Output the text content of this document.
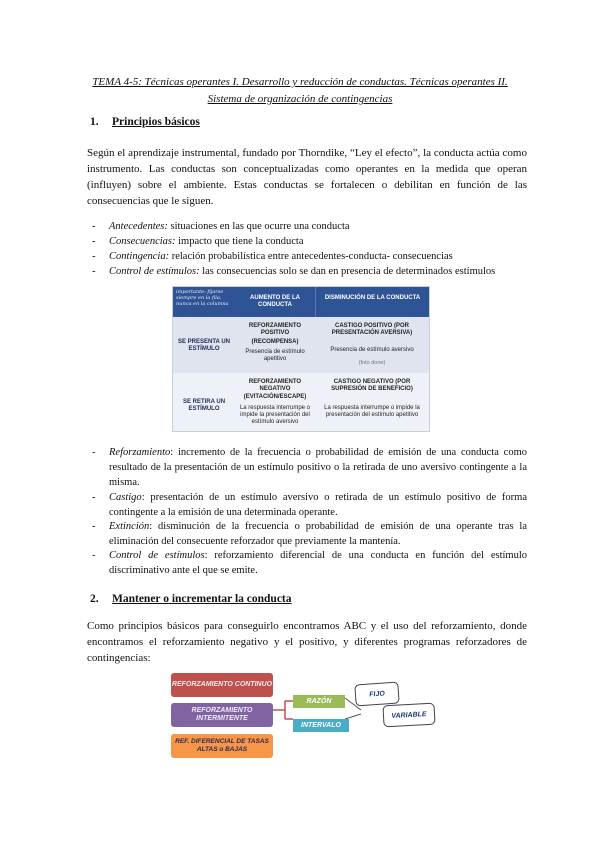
TEMA 4-5: Técnicas operantes I. Desarrollo y reducción de conductas. Técnicas operantes II.
Sistema de organización de contingencias
1. Principios básicos
Según el aprendizaje instrumental, fundado por Thorndike, “Ley el efecto”, la conducta actúa como instrumento. Las conductas son conceptualizadas como operantes en la medida que operan (influyen) sobre el ambiente. Estas conductas se fortalecen o debilitan en función de las consecuencias que le siguen.
- Antecedentes: situaciones en las que ocurre una conducta
- Consecuencias: impacto que tiene la conducta
- Contingencia: relación probabilística entre antecedentes-conducta- consecuencias
- Control de estímulos: las consecuencias solo se dan en presencia de determinados estímulos
importante: fijarse siempre en la fila, nunca en la columna
AUMENTO DE LA CONDUCTA
DISMINUCIÓN DE LA CONDUCTA
SE PRESENTA UN ESTÍMULO
SE RETIRA UN ESTÍMULO
REFORZAMIENTO POSITIVO
(RECOMPENSA)
Presencia de estímulo apetitivo
CASTIGO POSITIVO (POR PRESENTACIÓN AVERSIVA)
Presencia de estímulo aversivo
(foto done)
REFORZAMIENTO NEGATIVO
(EVITACIÓN/ESCAPE)
La respuesta interrumpe o impide la presentación del estímulo aversivo
CASTIGO NEGATIVO (POR SUPRESIÓN DE BENEFICIO)
La respuesta interrumpe o impide la presentación del estímulo apetitivo
- Reforzamiento: incremento de la frecuencia o probabilidad de emisión de una conducta como resultado de la presentación de un estímulo positivo o la retirada de uno aversivo contingente a la misma.
- Castigo: presentación de un estímulo aversivo o retirada de un estímulo positivo de forma contingente a la emisión de una determinada operante.
- Extinción: disminución de la frecuencia o probabilidad de emisión de una operante tras la eliminación del consecuente reforzador que previamente la mantenía.
- Control de estímulos: reforzamiento diferencial de una conducta en función del estímulo discriminativo ante el que se emite.
2. Mantener o incrementar la conducta
Como principios básicos para conseguirlo encontramos ABC y el uso del reforzamiento, donde encontramos el reforzamiento negativo y el positivo, y diferentes programas reforzadores de contingencias:
REFORZAMIENTO CONTINUO
REFORZAMIENTO INTERMITENTE
REF. DIFERENCIAL DE TASAS ALTAS o BAJAS
RAZÓN
INTERVALO
FIJO
VARIABLE
